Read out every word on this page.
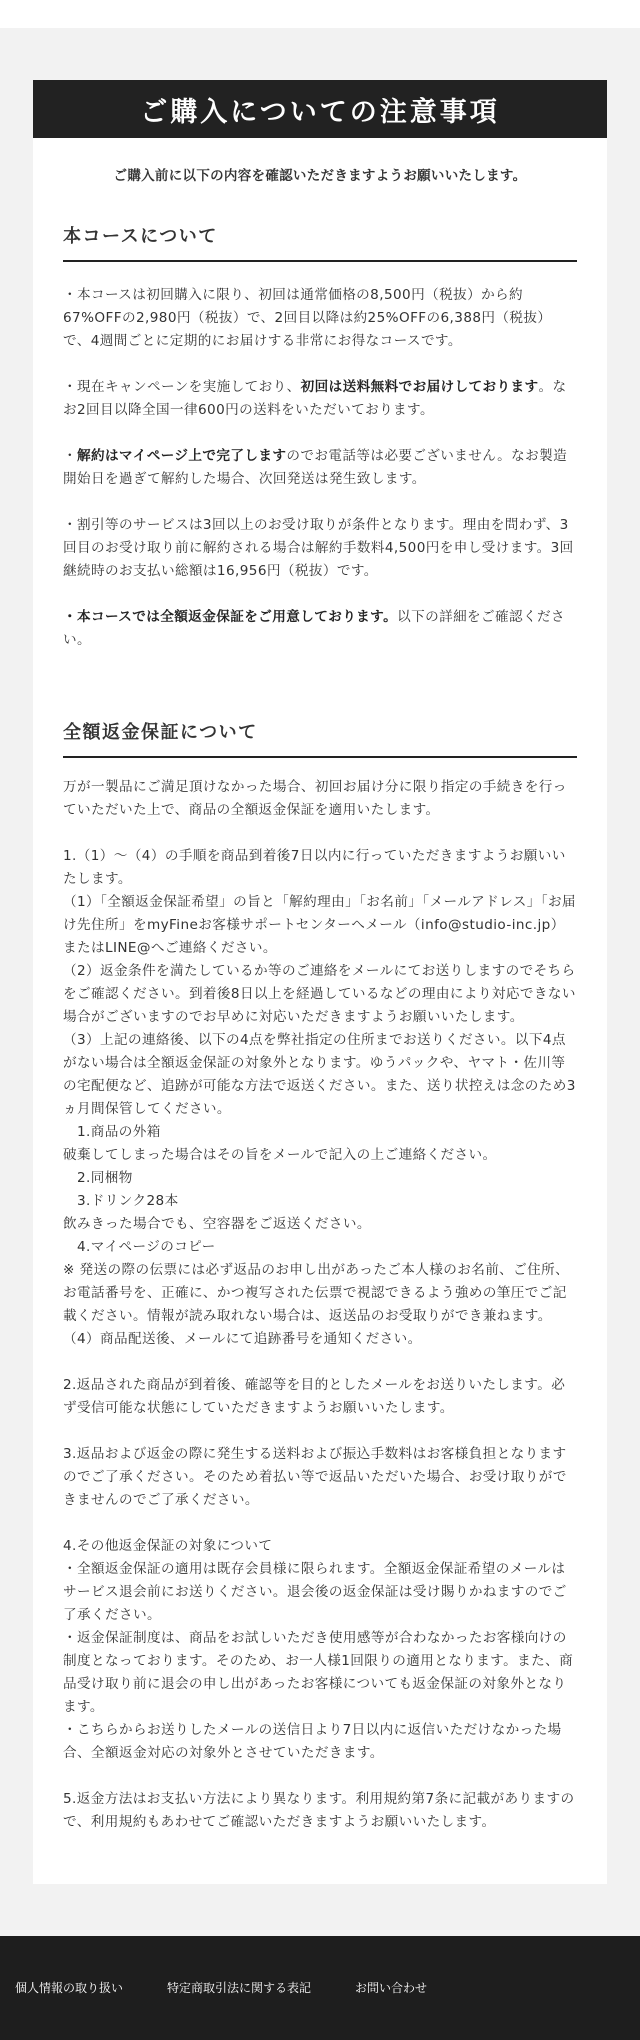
ご購入についての注意事項

ご購入前に以下の内容を確認いただきますようお願いいたします。

本コースについて

・本コースは初回購入に限り、初回は通常価格の8,500円（税抜）から約67%OFFの2,980円（税抜）で、2回目以降は約25%OFFの6,388円（税抜）で、4週間ごとに定期的にお届けする非常にお得なコースです。

・現在キャンペーンを実施しており、初回は送料無料でお届けしております。なお2回目以降全国一律600円の送料をいただいております。

・解約はマイページ上で完了しますのでお電話等は必要ございません。なお製造開始日を過ぎて解約した場合、次回発送は発生致します。

・割引等のサービスは3回以上のお受け取りが条件となります。理由を問わず、3回目のお受け取り前に解約される場合は解約手数料4,500円を申し受けます。3回継続時のお支払い総額は16,956円（税抜）です。

・本コースでは全額返金保証をご用意しております。以下の詳細をご確認ください。

全額返金保証について

万が一製品にご満足頂けなかった場合、初回お届け分に限り指定の手続きを行っていただいた上で、商品の全額返金保証を適用いたします。

1.（1）～（4）の手順を商品到着後7日以内に行っていただきますようお願いいたします。
（1）「全額返金保証希望」の旨と「解約理由」「お名前」「メールアドレス」「お届け先住所」をmyFineお客様サポートセンターへメール（info@studio-inc.jp）またはLINE@へご連絡ください。
（2）返金条件を満たしているか等のご連絡をメールにてお送りしますのでそちらをご確認ください。到着後8日以上を経過しているなどの理由により対応できない場合がございますのでお早めに対応いただきますようお願いいたします。
（3）上記の連絡後、以下の4点を弊社指定の住所までお送りください。以下4点がない場合は全額返金保証の対象外となります。ゆうパックや、ヤマト・佐川等の宅配便など、追跡が可能な方法で返送ください。また、送り状控えは念のため3ヵ月間保管してください。
1.商品の外箱
破棄してしまった場合はその旨をメールで記入の上ご連絡ください。
2.同梱物
3.ドリンク28本
飲みきった場合でも、空容器をご返送ください。
4.マイページのコピー
※ 発送の際の伝票には必ず返品のお申し出があったご本人様のお名前、ご住所、お電話番号を、正確に、かつ複写された伝票で視認できるよう強めの筆圧でご記載ください。情報が読み取れない場合は、返送品のお受取りができ兼ねます。
（4）商品配送後、メールにて追跡番号を通知ください。

2.返品された商品が到着後、確認等を目的としたメールをお送りいたします。必ず受信可能な状態にしていただきますようお願いいたします。

3.返品および返金の際に発生する送料および振込手数料はお客様負担となりますのでご了承ください。そのため着払い等で返品いただいた場合、お受け取りができませんのでご了承ください。

4.その他返金保証の対象について
・全額返金保証の適用は既存会員様に限られます。全額返金保証希望のメールはサービス退会前にお送りください。退会後の返金保証は受け賜りかねますのでご了承ください。
・返金保証制度は、商品をお試しいただき使用感等が合わなかったお客様向けの制度となっております。そのため、お一人様1回限りの適用となります。また、商品受け取り前に退会の申し出があったお客様についても返金保証の対象外となります。
・こちらからお送りしたメールの送信日より7日以内に返信いただけなかった場合、全額返金対応の対象外とさせていただきます。

5.返金方法はお支払い方法により異なります。利用規約第7条に記載がありますので、利用規約もあわせてご確認いただきますようお願いいたします。

個人情報の取り扱い	特定商取引法に関する表記	お問い合わせ
